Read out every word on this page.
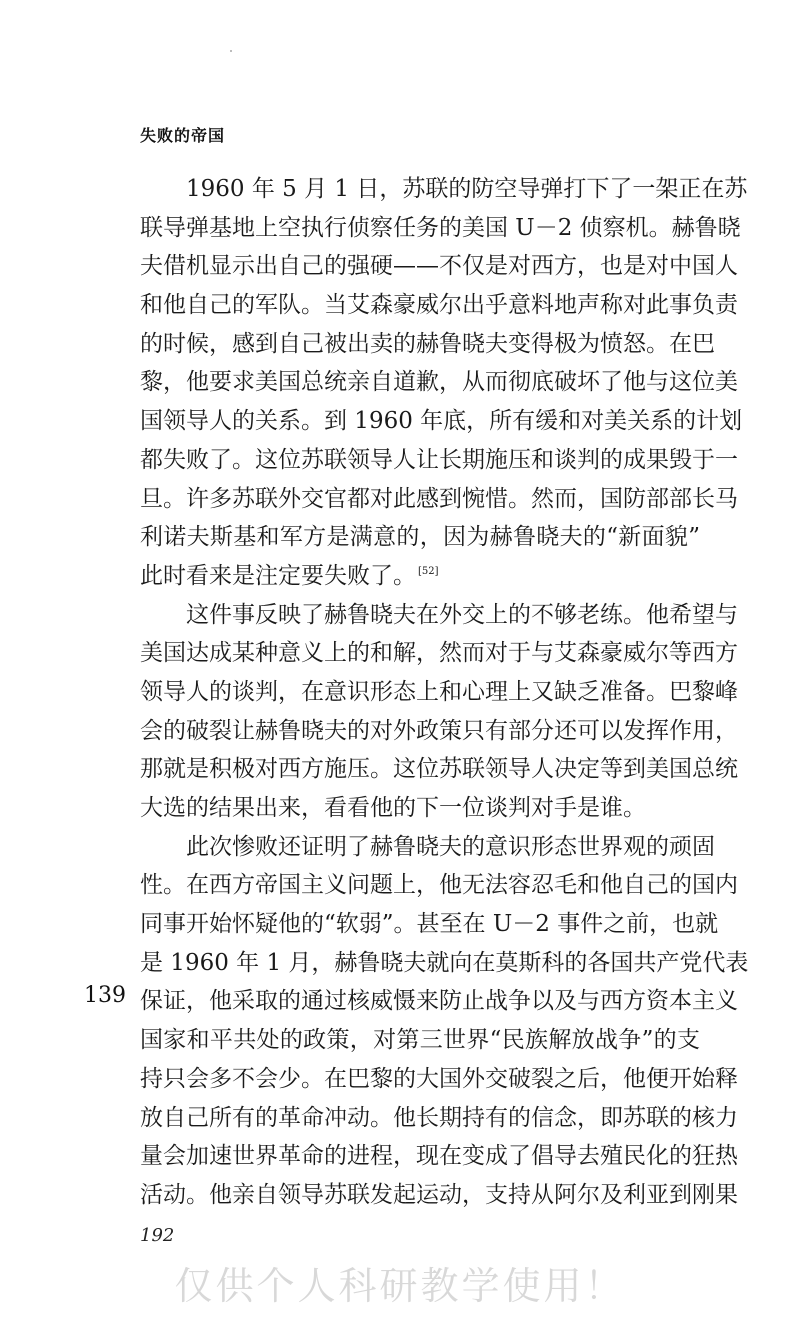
失败的帝国
1960 年 5 月 1 日，苏联的防空导弹打下了一架正在苏
联导弹基地上空执行侦察任务的美国 U－2 侦察机。赫鲁晓
夫借机显示出自己的强硬——不仅是对西方，也是对中国人
和他自己的军队。当艾森豪威尔出乎意料地声称对此事负责
的时候，感到自己被出卖的赫鲁晓夫变得极为愤怒。在巴
黎，他要求美国总统亲自道歉，从而彻底破坏了他与这位美
国领导人的关系。到 1960 年底，所有缓和对美关系的计划
都失败了。这位苏联领导人让长期施压和谈判的成果毁于一
旦。许多苏联外交官都对此感到惋惜。然而，国防部部长马
利诺夫斯基和军方是满意的，因为赫鲁晓夫的“新面貌”
此时看来是注定要失败了。 [52]
这件事反映了赫鲁晓夫在外交上的不够老练。他希望与
美国达成某种意义上的和解，然而对于与艾森豪威尔等西方
领导人的谈判，在意识形态上和心理上又缺乏准备。巴黎峰
会的破裂让赫鲁晓夫的对外政策只有部分还可以发挥作用，
那就是积极对西方施压。这位苏联领导人决定等到美国总统
大选的结果出来，看看他的下一位谈判对手是谁。
此次惨败还证明了赫鲁晓夫的意识形态世界观的顽固
性。在西方帝国主义问题上，他无法容忍毛和他自己的国内
同事开始怀疑他的“软弱”。甚至在 U－2 事件之前，也就
是 1960 年 1 月，赫鲁晓夫就向在莫斯科的各国共产党代表
保证，他采取的通过核威慑来防止战争以及与西方资本主义
国家和平共处的政策，对第三世界“民族解放战争”的支
持只会多不会少。在巴黎的大国外交破裂之后，他便开始释
放自己所有的革命冲动。他长期持有的信念，即苏联的核力
量会加速世界革命的进程，现在变成了倡导去殖民化的狂热
活动。他亲自领导苏联发起运动，支持从阿尔及利亚到刚果
139
192
仅供个人科研教学使用！
